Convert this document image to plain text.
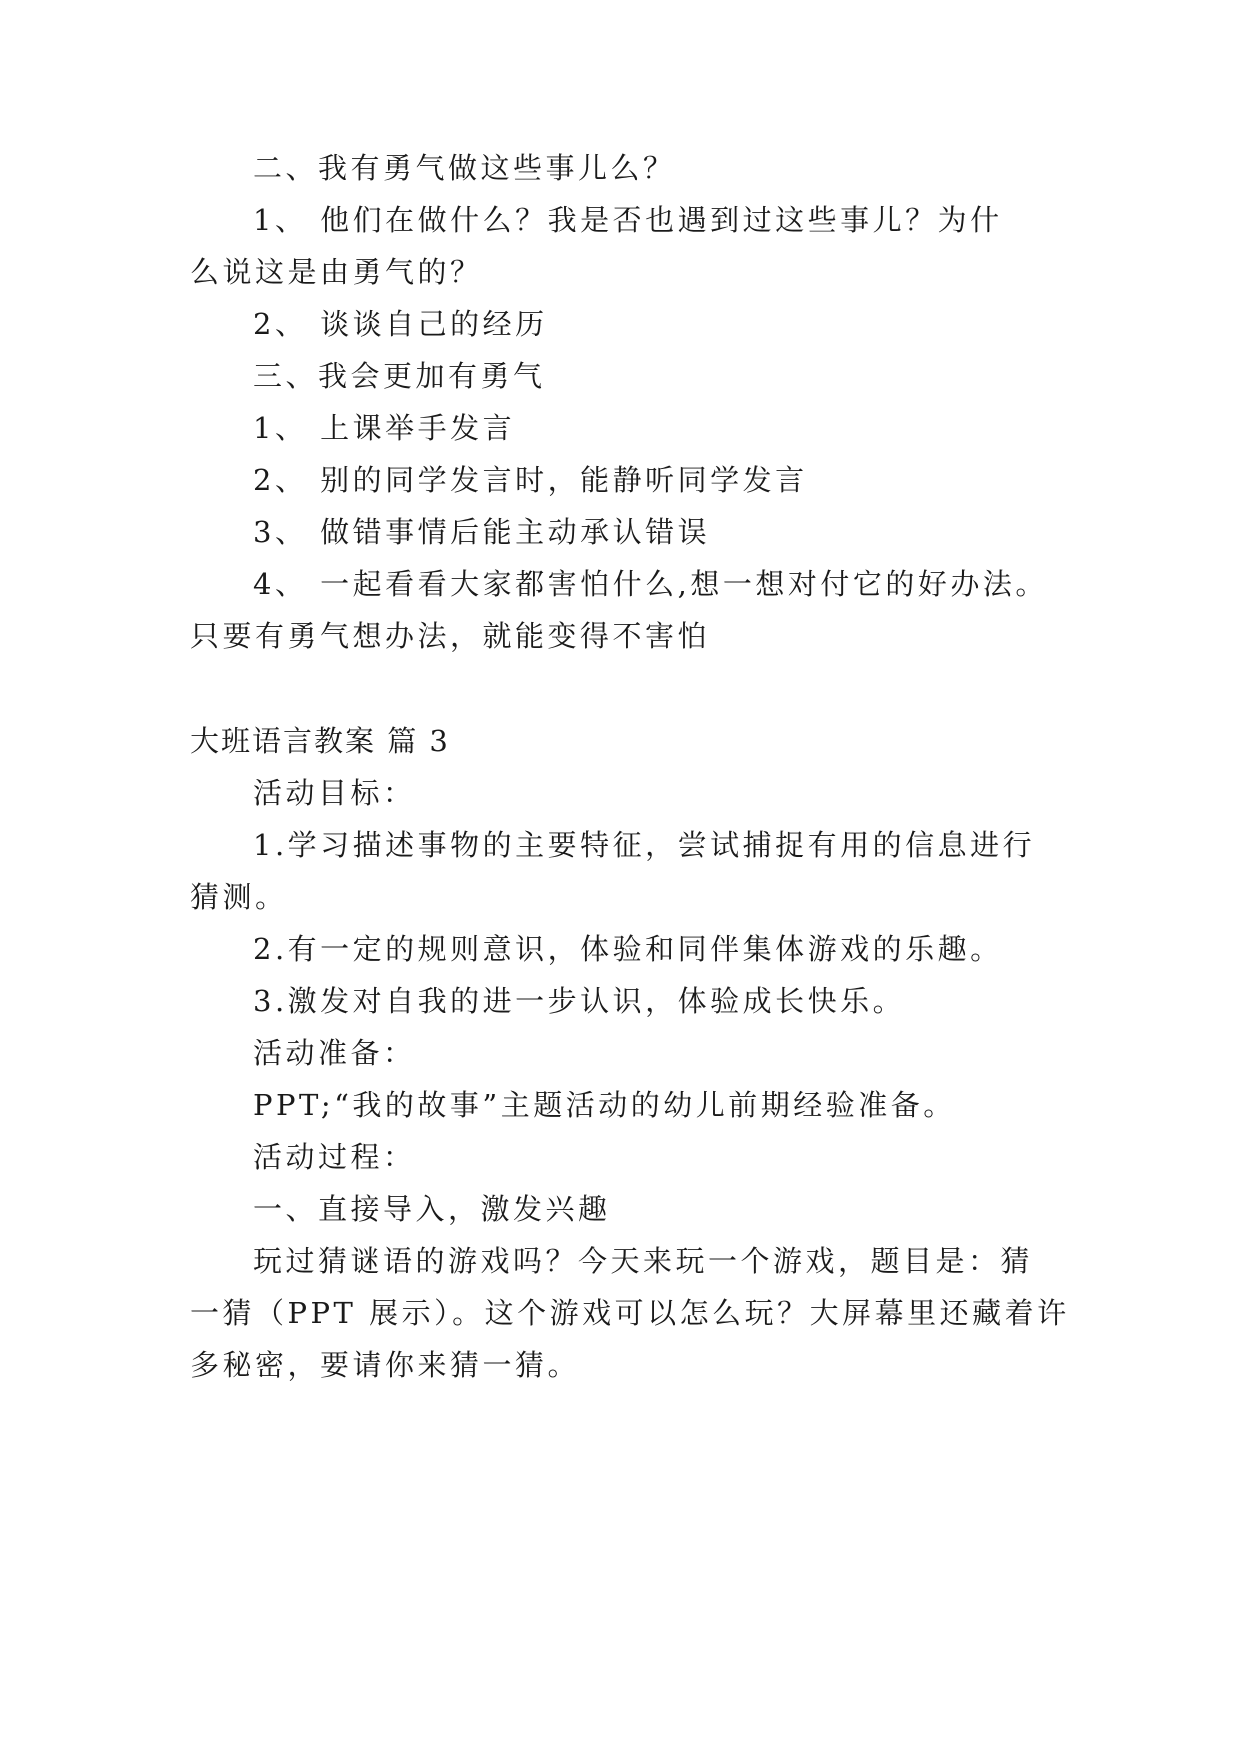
二、我有勇气做这些事儿么？
1、 他们在做什么？我是否也遇到过这些事儿？为什
么说这是由勇气的？
2、 谈谈自己的经历
三、我会更加有勇气
1、 上课举手发言
2、 别的同学发言时，能静听同学发言
3、 做错事情后能主动承认错误
4、 一起看看大家都害怕什么,想一想对付它的好办法。
只要有勇气想办法，就能变得不害怕
大班语言教案 篇 3
活动目标：
1.学习描述事物的主要特征，尝试捕捉有用的信息进行
猜测。
2.有一定的规则意识，体验和同伴集体游戏的乐趣。
3.激发对自我的进一步认识，体验成长快乐。
活动准备：
PPT;“我的故事”主题活动的幼儿前期经验准备。
活动过程：
一、直接导入，激发兴趣
玩过猜谜语的游戏吗？今天来玩一个游戏，题目是：猜
一猜（PPT 展示）。这个游戏可以怎么玩？大屏幕里还藏着许
多秘密，要请你来猜一猜。
